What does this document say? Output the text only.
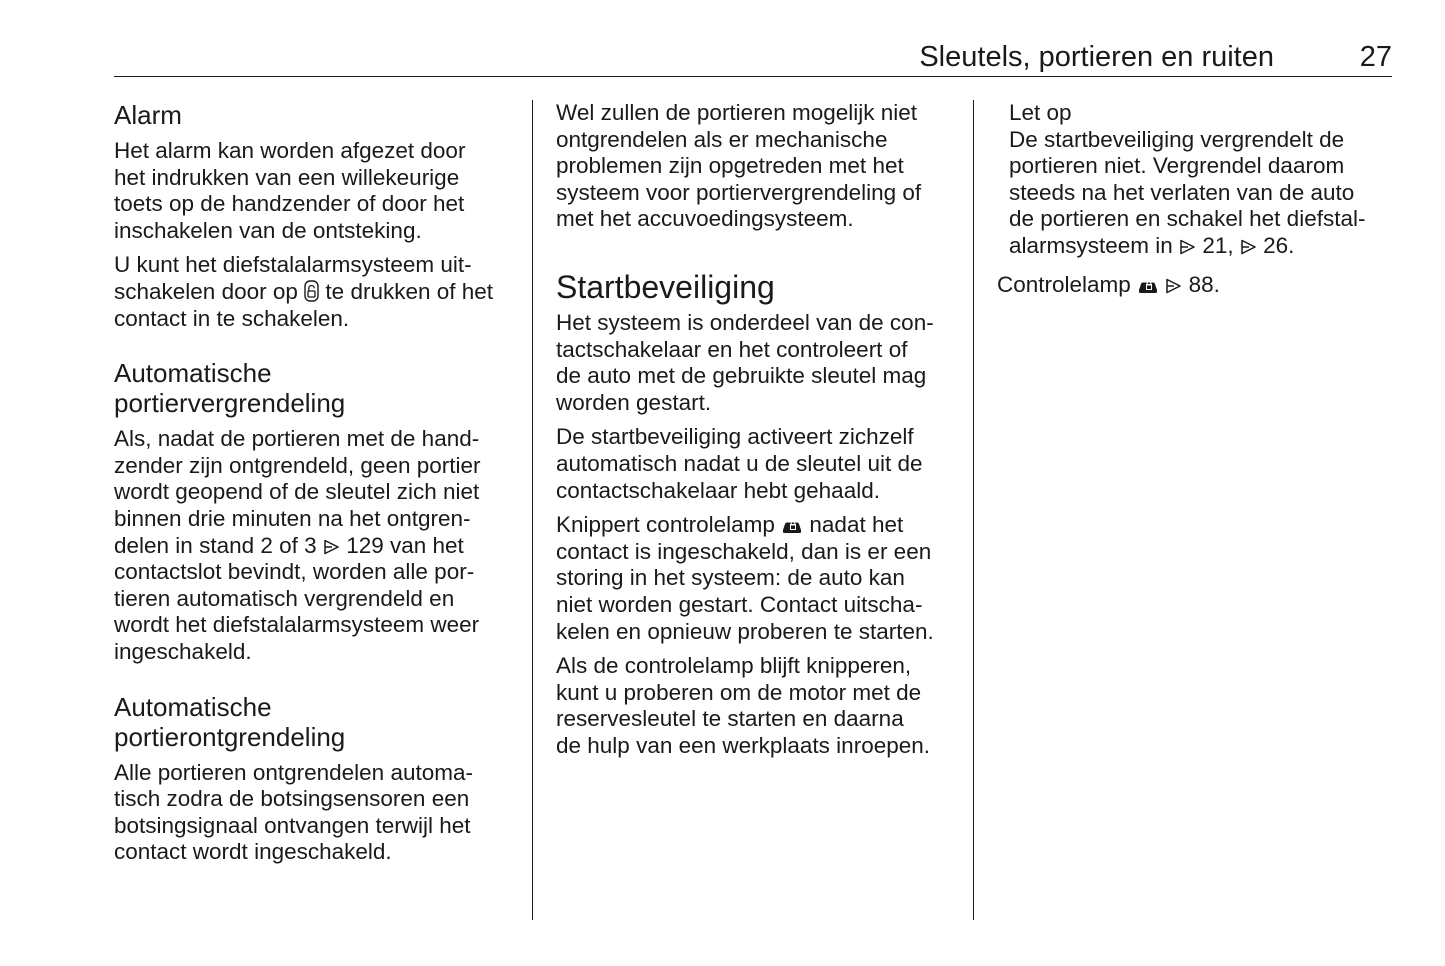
Sleutels, portieren en ruiten	27
Alarm

Het alarm kan worden afgezet door

het indrukken van een willekeurige

toets op de handzender of door het

inschakelen van de ontsteking.

U kunt het diefstalalarmsysteem uit-

schakelen door op te drukken of het

contact in te schakelen.

Automatische
portiervergrendeling

Als, nadat de portieren met de hand-

zender zijn ontgrendeld, geen portier

wordt geopend of de sleutel zich niet

binnen drie minuten na het ontgren-

delen in stand 2 of 3 129 van het

contactslot bevindt, worden alle por-

tieren automatisch vergrendeld en

wordt het diefstalalarmsysteem weer

ingeschakeld.

Automatische
portierontgrendeling

Alle portieren ontgrendelen automa-

tisch zodra de botsingsensoren een

botsingsignaal ontvangen terwijl het

contact wordt ingeschakeld.

Wel zullen de portieren mogelijk niet

ontgrendelen als er mechanische

problemen zijn opgetreden met het

systeem voor portiervergrendeling of

met het accuvoedingsysteem.

Startbeveiliging

Het systeem is onderdeel van de con-

tactschakelaar en het controleert of

de auto met de gebruikte sleutel mag

worden gestart.

De startbeveiliging activeert zichzelf

automatisch nadat u de sleutel uit de

contactschakelaar hebt gehaald.

Knippert controlelamp nadat het

contact is ingeschakeld, dan is er een

storing in het systeem: de auto kan

niet worden gestart. Contact uitscha-

kelen en opnieuw proberen te starten.

Als de controlelamp blijft knipperen,

kunt u proberen om de motor met de

reservesleutel te starten en daarna

de hulp van een werkplaats inroepen.

Let op

De startbeveiliging vergrendelt de

portieren niet. Vergrendel daarom

steeds na het verlaten van de auto

de portieren en schakel het diefstal-

alarmsysteem in 21, 26.

Controlelamp
	88.
